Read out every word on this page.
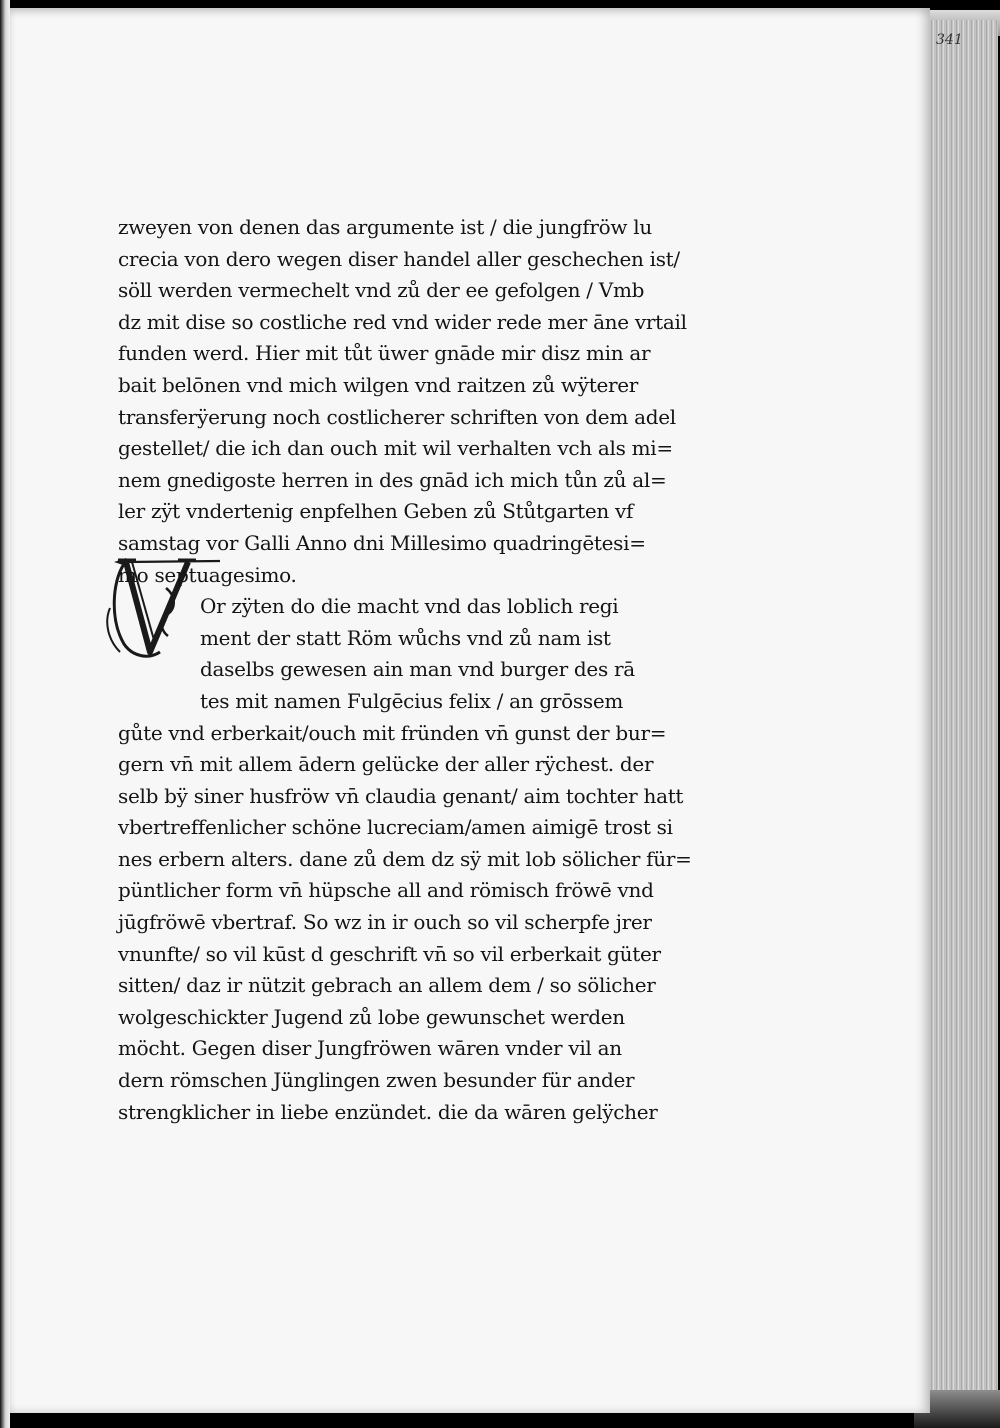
341
zweyen von denen das argumente ist / die jungfröw lu
crecia von dero wegen diser handel aller geschechen ist/
söll werden vermechelt vnd zů der ee gefolgen / Vmb
dz mit dise so costliche red vnd wider rede mer āne vrtail
funden werd. Hier mit tůt üwer gnāde mir disz min ar
bait belōnen vnd mich wilgen vnd raitzen zů wÿterer
transferÿerung noch costlicherer schriften von dem adel
gestellet/ die ich dan ouch mit wil verhalten vch als mi=
nem gnedigoste herren in des gnād ich mich tůn zů al=
ler zÿt vndertenig enpfelhen Geben zů Stůtgarten vf
samstag vor Galli Anno dni Millesimo quadringētesi=
mo septuagesimo.
Or zÿten do die macht vnd das loblich regi
ment der statt Röm wůchs vnd zů nam ist
daselbs gewesen ain man vnd burger des rā
tes mit namen Fulgēcius felix / an grōssem
gůte vnd erberkait/ouch mit fründen vn̄ gunst der bur=
gern vn̄ mit allem ādern gelücke der aller rÿchest. der
selb bÿ siner husfröw vn̄ claudia genant/ aim tochter hatt
vbertreffenlicher schöne lucreciam/amen aimigē trost si
nes erbern alters. dane zů dem dz sÿ mit lob sölicher für=
püntlicher form vn̄ hüpsche all and römisch fröwē vnd
jūgfröwē vbertraf. So wz in ir ouch so vil scherpfe jrer
vnunfte/ so vil kūst d geschrift vn̄ so vil erberkait güter
sitten/ daz ir nützit gebrach an allem dem / so sölicher
wolgeschickter Jugend zů lobe gewunschet werden
möcht. Gegen diser Jungfröwen wāren vnder vil an
dern römschen Jünglingen zwen besunder für ander
strengklicher in liebe enzündet. die da wāren gelÿcher
